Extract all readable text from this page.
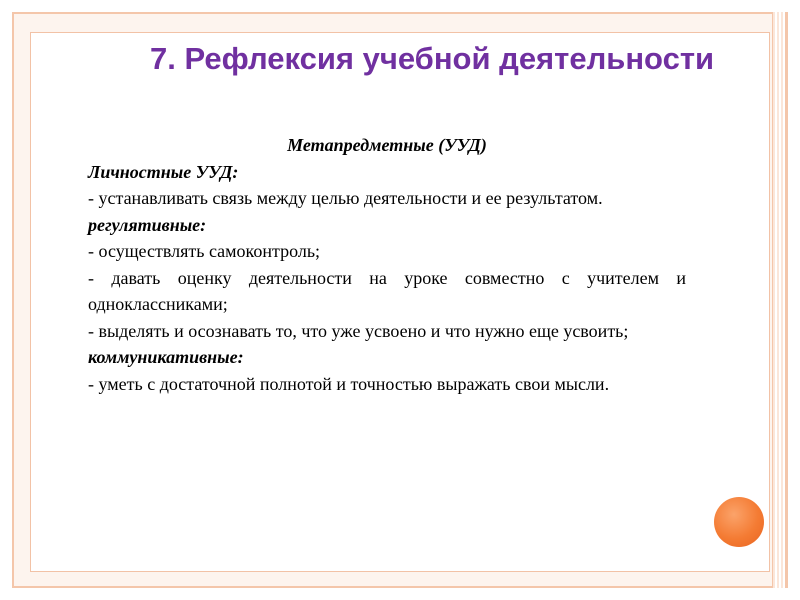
7. Рефлексия учебной деятельности

Метапредметные (УУД)

Личностные УУД:

- устанавливать связь между целью деятельности и ее результатом.

регулятивные:

- осуществлять самоконтроль;

- давать оценку деятельности на уроке совместно с учителем и одноклассниками;

- выделять и осознавать то, что уже усвоено и что нужно еще усвоить;

коммуникативные:

- уметь с достаточной полнотой и точностью выражать свои мысли.
